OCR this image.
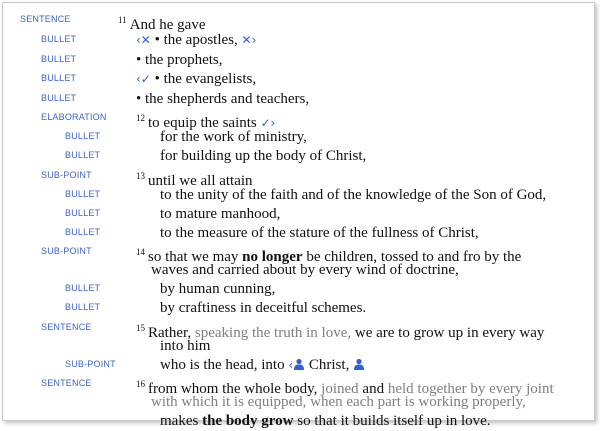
SENTENCE	$^{11}$ And he gave
BULLET	‹✕ • the apostles, ✕›
BULLET	• the prophets,
BULLET	‹✓ • the evangelists,
BULLET	• the shepherds and teachers,
ELABORATION	$^{12}$ to equip the saints ✓›
BULLET	for the work of ministry,
BULLET	for building up the body of Christ,
SUB-POINT	$^{13}$ until we all attain
BULLET	to the unity of the faith and of the knowledge of the Son of God,
BULLET	to mature manhood,
BULLET	to the measure of the stature of the fullness of Christ,
SUB-POINT	$^{14}$ so that we may no longer be children, tossed to and fro by the
waves and carried about by every wind of doctrine,
BULLET	by human cunning,
BULLET	by craftiness in deceitful schemes.
SENTENCE	$^{15}$ Rather, speaking the truth in love, we are to grow up in every way
into him
SUB-POINT	who is the head, into ‹ Christ,
SENTENCE	$^{16}$ from whom the whole body, joined and held together by every joint
with which it is equipped, when each part is working properly,
makes the body grow so that it builds itself up in love.
